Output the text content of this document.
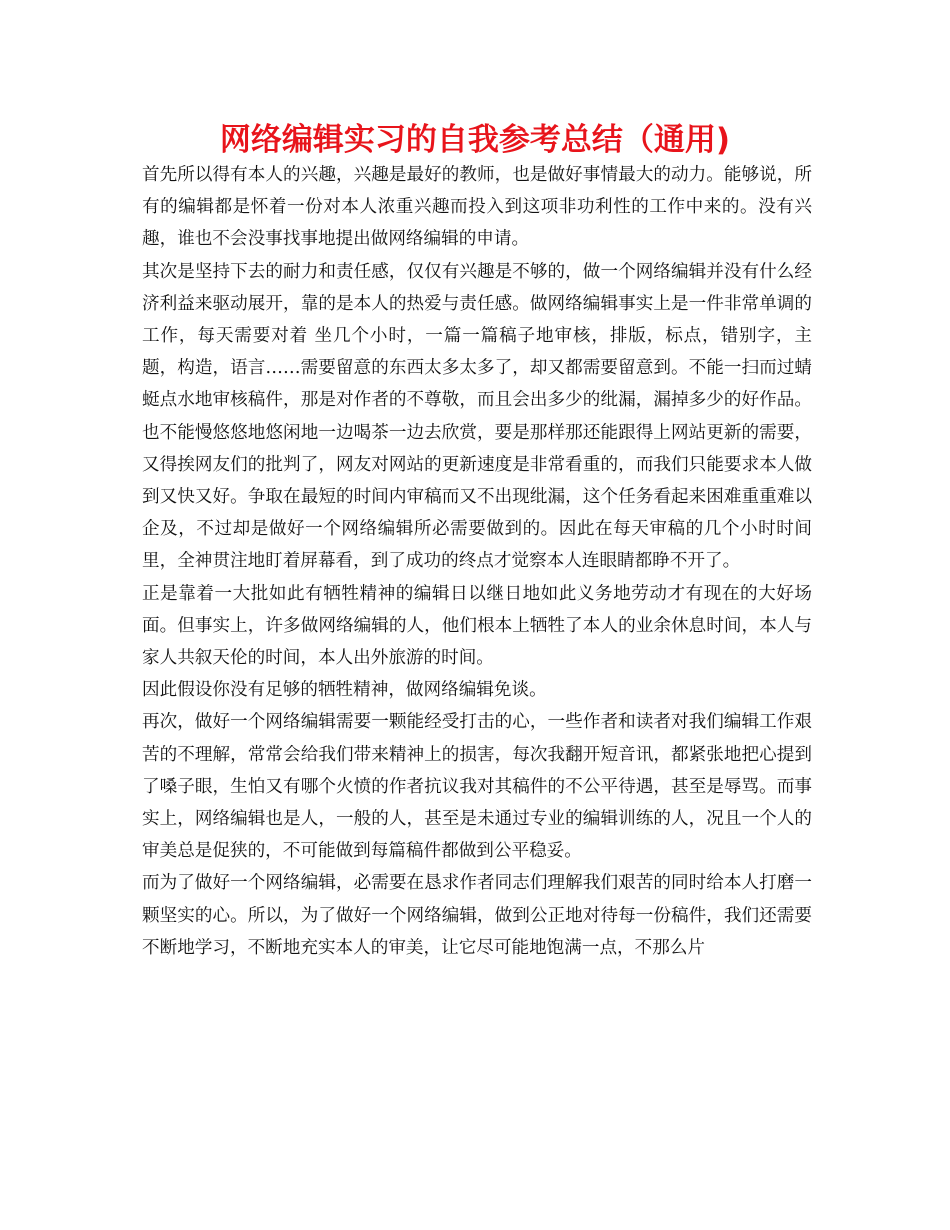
网络编辑实习的自我参考总结（通用)

首先所以得有本人的兴趣，兴趣是最好的教师，也是做好事情最大的动力。能够说，所有的编辑都是怀着一份对本人浓重兴趣而投入到这项非功利性的工作中来的。没有兴趣，谁也不会没事找事地提出做网络编辑的申请。

其次是坚持下去的耐力和责任感，仅仅有兴趣是不够的，做一个网络编辑并没有什么经济利益来驱动展开，靠的是本人的热爱与责任感。做网络编辑事实上是一件非常单调的工作，每天需要对着 坐几个小时，一篇一篇稿子地审核，排版，标点，错别字，主题，构造，语言……需要留意的东西太多太多了，却又都需要留意到。不能一扫而过蜻蜓点水地审核稿件，那是对作者的不尊敬，而且会出多少的纰漏，漏掉多少的好作品。也不能慢悠悠地悠闲地一边喝茶一边去欣赏，要是那样那还能跟得上网站更新的需要，又得挨网友们的批判了，网友对网站的更新速度是非常看重的，而我们只能要求本人做到又快又好。争取在最短的时间内审稿而又不出现纰漏，这个任务看起来困难重重难以企及，不过却是做好一个网络编辑所必需要做到的。因此在每天审稿的几个小时时间里，全神贯注地盯着屏幕看，到了成功的终点才觉察本人连眼睛都睁不开了。

正是靠着一大批如此有牺牲精神的编辑日以继日地如此义务地劳动才有现在的大好场面。但事实上，许多做网络编辑的人，他们根本上牺牲了本人的业余休息时间，本人与家人共叙天伦的时间，本人出外旅游的时间。

因此假设你没有足够的牺牲精神，做网络编辑免谈。

再次，做好一个网络编辑需要一颗能经受打击的心，一些作者和读者对我们编辑工作艰苦的不理解，常常会给我们带来精神上的损害，每次我翻开短音讯，都紧张地把心提到了嗓子眼，生怕又有哪个火愤的作者抗议我对其稿件的不公平待遇，甚至是辱骂。而事实上，网络编辑也是人，一般的人，甚至是未通过专业的编辑训练的人，况且一个人的审美总是促狭的，不可能做到每篇稿件都做到公平稳妥。

而为了做好一个网络编辑，必需要在恳求作者同志们理解我们艰苦的同时给本人打磨一颗坚实的心。所以，为了做好一个网络编辑，做到公正地对待每一份稿件，我们还需要不断地学习，不断地充实本人的审美，让它尽可能地饱满一点，不那么片
